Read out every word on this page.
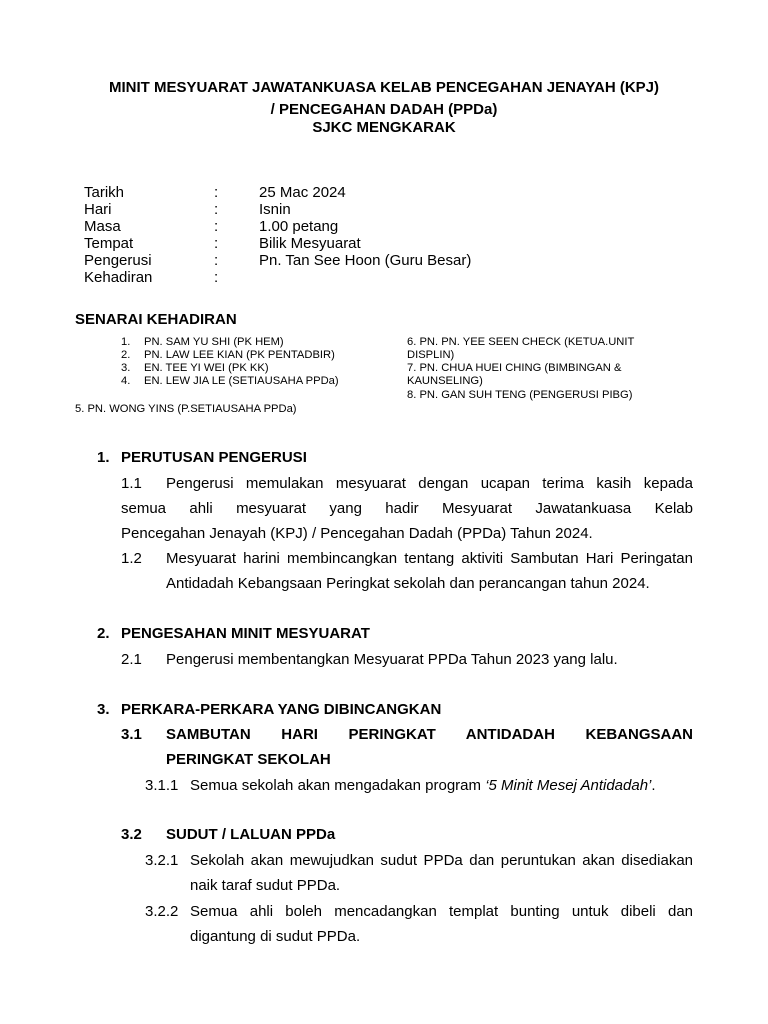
MINIT MESYUARAT JAWATANKUASA KELAB PENCEGAHAN JENAYAH (KPJ)
/ PENCEGAHAN DADAH (PPDa)
SJKC MENGKARAK
Tarikh	:	25 Mac 2024
Hari	:	Isnin
Masa	:	1.00 petang
Tempat	:	Bilik Mesyuarat
Pengerusi	:	Pn. Tan See Hoon (Guru Besar)
Kehadiran	:
SENARAI KEHADIRAN
1. PN. SAM YU SHI (PK HEM)
2. PN. LAW LEE KIAN (PK PENTADBIR)
3. EN. TEE YI WEI (PK KK)
4. EN. LEW JIA LE (SETIAUSAHA PPDa)
5. PN. WONG YINS (P.SETIAUSAHA PPDa)
6. PN. PN. YEE SEEN CHECK (KETUA.UNIT
DISPLIN)
7. PN. CHUA HUEI CHING (BIMBINGAN &
KAUNSELING)
8. PN. GAN SUH TENG (PENGERUSI PIBG)
1. PERUTUSAN PENGERUSI
1.1 Pengerusi memulakan mesyuarat dengan ucapan terima kasih kepada
semua ahli mesyuarat yang hadir Mesyuarat Jawatankuasa Kelab
Pencegahan Jenayah (KPJ) / Pencegahan Dadah (PPDa) Tahun 2024.
1.2 Mesyuarat harini membincangkan tentang aktiviti Sambutan Hari Peringatan
Antidadah Kebangsaan Peringkat sekolah dan perancangan tahun 2024.
2. PENGESAHAN MINIT MESYUARAT
2.1 Pengerusi membentangkan Mesyuarat PPDa Tahun 2023 yang lalu.
3. PERKARA-PERKARA YANG DIBINCANGKAN
3.1 SAMBUTAN HARI PERINGKAT ANTIDADAH KEBANGSAAN
PERINGKAT SEKOLAH
3.1.1 Semua sekolah akan mengadakan program ‘5 Minit Mesej Antidadah’.
3.2 SUDUT / LALUAN PPDa
3.2.1 Sekolah akan mewujudkan sudut PPDa dan peruntukan akan disediakan
naik taraf sudut PPDa.
3.2.2 Semua ahli boleh mencadangkan templat bunting untuk dibeli dan
digantung di sudut PPDa.
